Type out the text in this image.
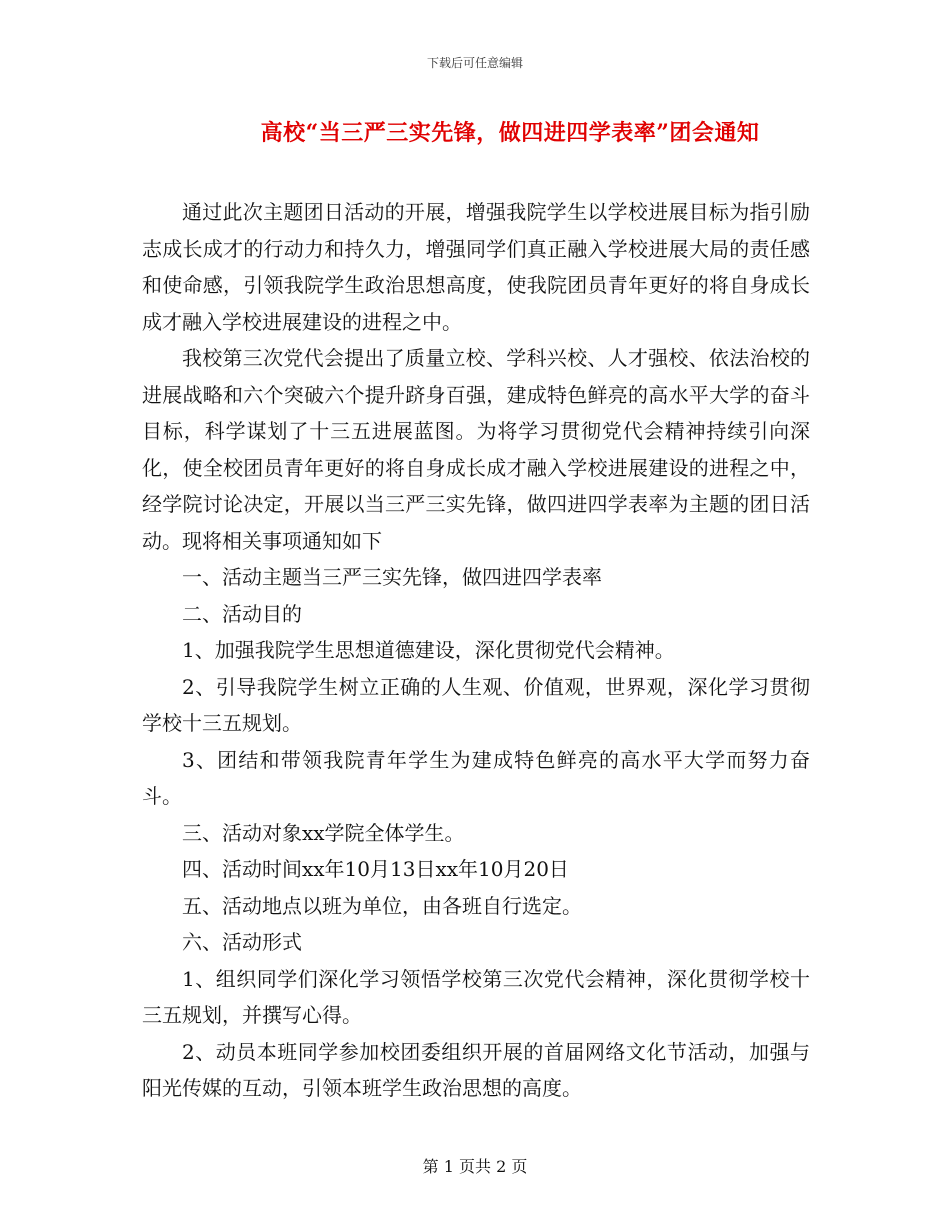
下载后可任意编辑
高校“当三严三实先锋，做四进四学表率”团会通知

通过此次主题团日活动的开展，增强我院学生以学校进展目标为指引励志成长成才的行动力和持久力，增强同学们真正融入学校进展大局的责任感和使命感，引领我院学生政治思想高度，使我院团员青年更好的将自身成长成才融入学校进展建设的进程之中。

我校第三次党代会提出了质量立校、学科兴校、人才强校、依法治校的进展战略和六个突破六个提升跻身百强，建成特色鲜亮的高水平大学的奋斗目标，科学谋划了十三五进展蓝图。为将学习贯彻党代会精神持续引向深化，使全校团员青年更好的将自身成长成才融入学校进展建设的进程之中，经学院讨论决定，开展以当三严三实先锋，做四进四学表率为主题的团日活动。现将相关事项通知如下

一、活动主题当三严三实先锋，做四进四学表率

二、活动目的

1、加强我院学生思想道德建设，深化贯彻党代会精神。

2、引导我院学生树立正确的人生观、价值观，世界观，深化学习贯彻学校十三五规划。

3、团结和带领我院青年学生为建成特色鲜亮的高水平大学而努力奋斗。

三、活动对象xx学院全体学生。

四、活动时间xx年10月13日xx年10月20日

五、活动地点以班为单位，由各班自行选定。

六、活动形式

1、组织同学们深化学习领悟学校第三次党代会精神，深化贯彻学校十三五规划，并撰写心得。

2、动员本班同学参加校团委组织开展的首届网络文化节活动，加强与阳光传媒的互动，引领本班学生政治思想的高度。

第 1 页共 2 页
